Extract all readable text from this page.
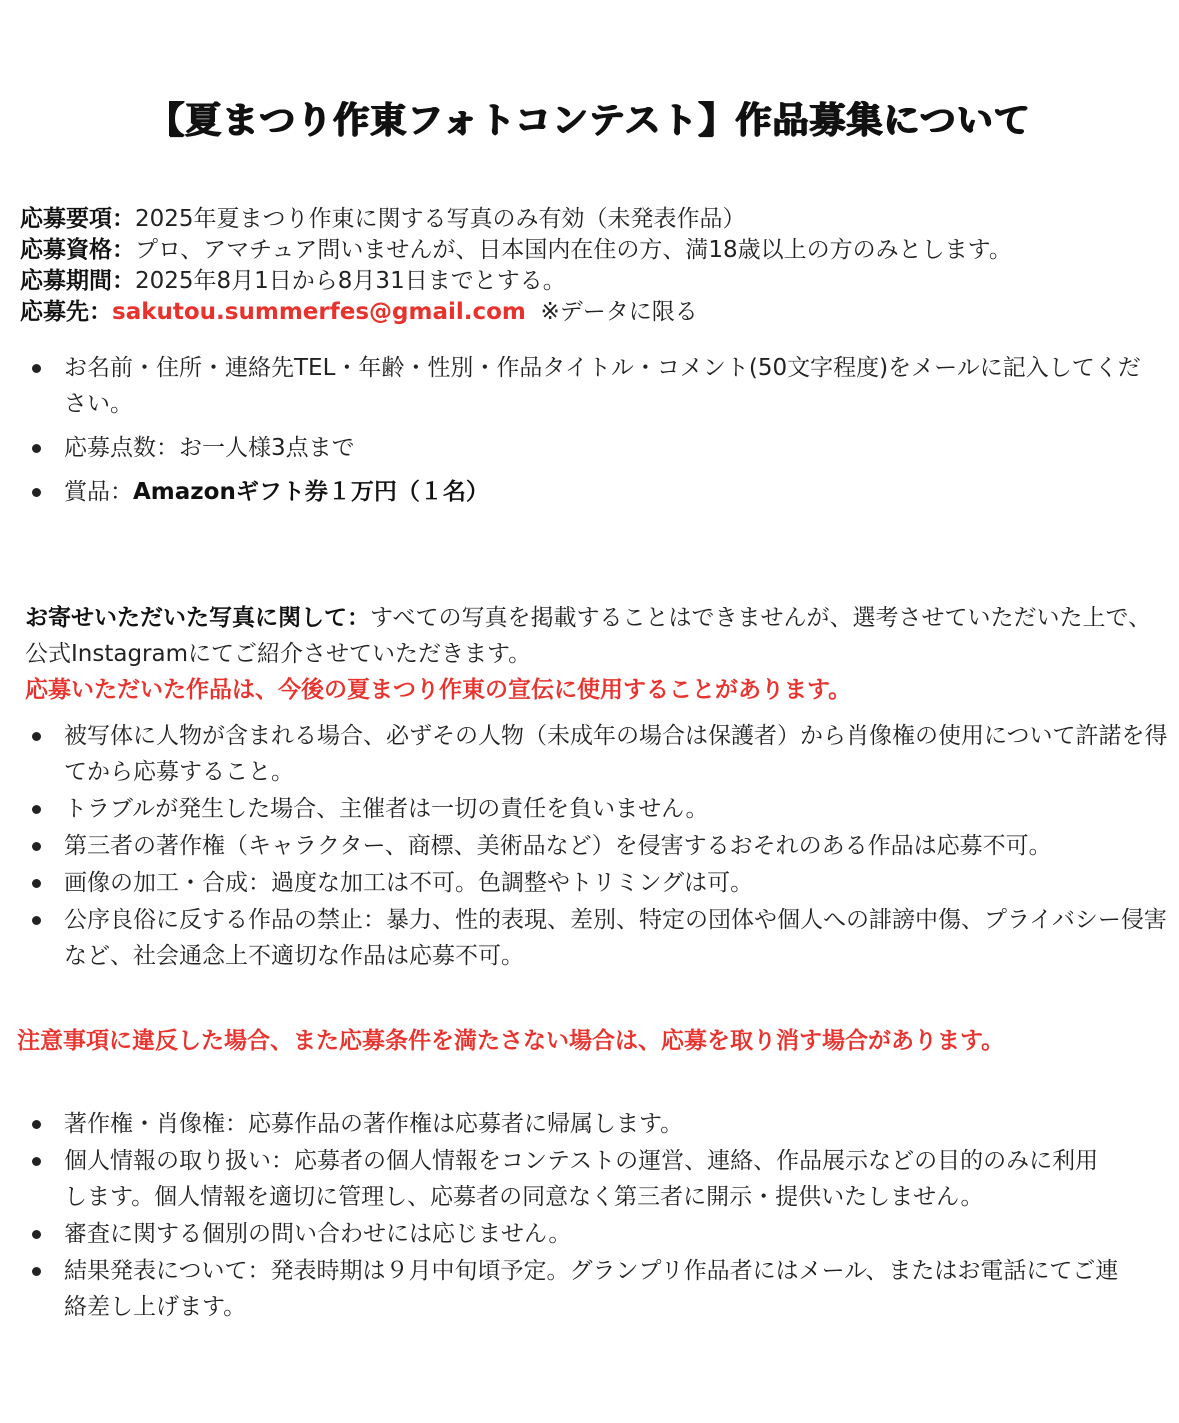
【夏まつり作東フォトコンテスト】作品募集について
応募要項：2025年夏まつり作東に関する写真のみ有効（未発表作品）
応募資格：プロ、アマチュア問いませんが、日本国内在住の方、満18歳以上の方のみとします。
応募期間：2025年8月1日から8月31日までとする。
応募先：sakutou.summerfes@gmail.com ※データに限る
お名前・住所・連絡先TEL・年齢・性別・作品タイトル・コメント(50文字程度)をメールに記入してください。
応募点数：お一人様3点まで
賞品：Amazonギフト券１万円（１名）
お寄せいただいた写真に関して：すべての写真を掲載することはできませんが、選考させていただいた上で、公式Instagramにてご紹介させていただきます。
応募いただいた作品は、今後の夏まつり作東の宣伝に使用することがあります。
被写体に人物が含まれる場合、必ずその人物（未成年の場合は保護者）から肖像権の使用について許諾を得てから応募すること。
トラブルが発生した場合、主催者は一切の責任を負いません。
第三者の著作権（キャラクター、商標、美術品など）を侵害するおそれのある作品は応募不可。
画像の加工・合成：過度な加工は不可。色調整やトリミングは可。
公序良俗に反する作品の禁止：暴力、性的表現、差別、特定の団体や個人への誹謗中傷、プライバシー侵害など、社会通念上不適切な作品は応募不可。
注意事項に違反した場合、また応募条件を満たさない場合は、応募を取り消す場合があります。
著作権・肖像権：応募作品の著作権は応募者に帰属します。
個人情報の取り扱い：応募者の個人情報をコンテストの運営、連絡、作品展示などの目的のみに利用します。個人情報を適切に管理し、応募者の同意なく第三者に開示・提供いたしません。
審査に関する個別の問い合わせには応じません。
結果発表について：発表時期は９月中旬頃予定。グランプリ作品者にはメール、またはお電話にてご連絡差し上げます。
